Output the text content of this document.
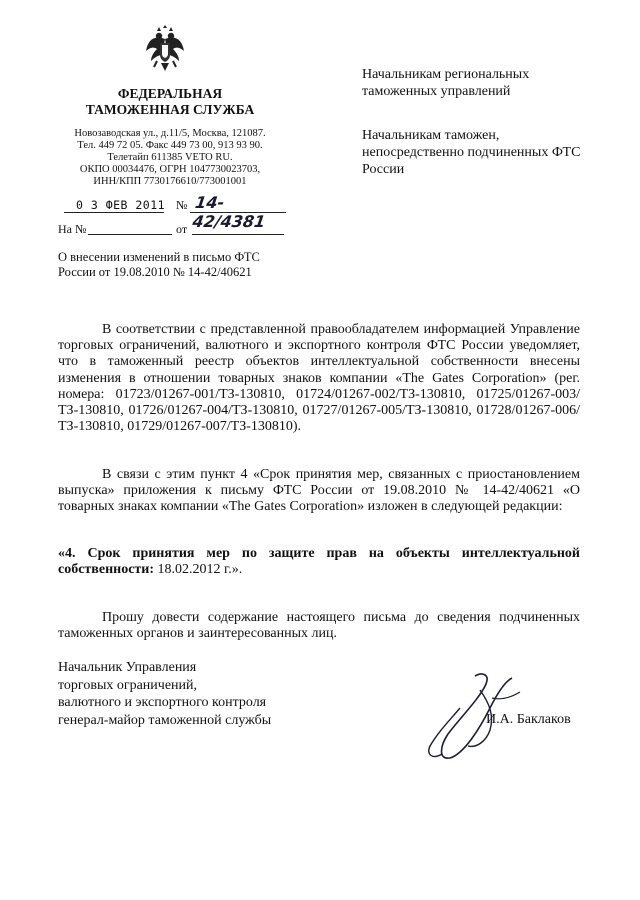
ФЕДЕРАЛЬНАЯ
ТАМОЖЕННАЯ СЛУЖБА
Новозаводская ул., д.11/5, Москва, 121087.
Тел. 449 72 05. Факс 449 73 00, 913 93 90.
Телетайп 611385 VETO RU.
ОКПО 00034476, ОГРН 1047730023703,
ИНН/КПП 7730176610/773001001
0 3 ФЕВ 2011 № 14-42/4381
На №	от
О внесении изменений в письмо ФТС России от 19.08.2010 № 14-42/40621
Начальникам региональных таможенных управлений
Начальникам таможен, непосредственно подчиненных ФТС России
В соответствии с представленной правообладателем информацией Управление торговых ограничений, валютного и экспортного контроля ФТС России уведомляет, что в таможенный реестр объектов интеллектуальной собственности внесены изменения в отношении товарных знаков компании «The Gates Corporation» (рег. номера: 01723/01267-001/ТЗ-130810, 01724/01267-002/ТЗ-130810, 01725/01267-003/ТЗ-130810, 01726/01267-004/ТЗ-130810, 01727/01267-005/ТЗ-130810, 01728/01267-006/ТЗ-130810, 01729/01267-007/ТЗ-130810).
В связи с этим пункт 4 «Срок принятия мер, связанных с приостановлением выпуска» приложения к письму ФТС России от 19.08.2010 № 14-42/40621 «О товарных знаках компании «The Gates Corporation» изложен в следующей редакции:
«4. Срок принятия мер по защите прав на объекты интеллектуальной собственности: 18.02.2012 г.».
Прошу довести содержание настоящего письма до сведения подчиненных таможенных органов и заинтересованных лиц.
Начальник Управления
торговых ограничений,
валютного и экспортного контроля
генерал-майор таможенной службы	И.А. Баклаков
